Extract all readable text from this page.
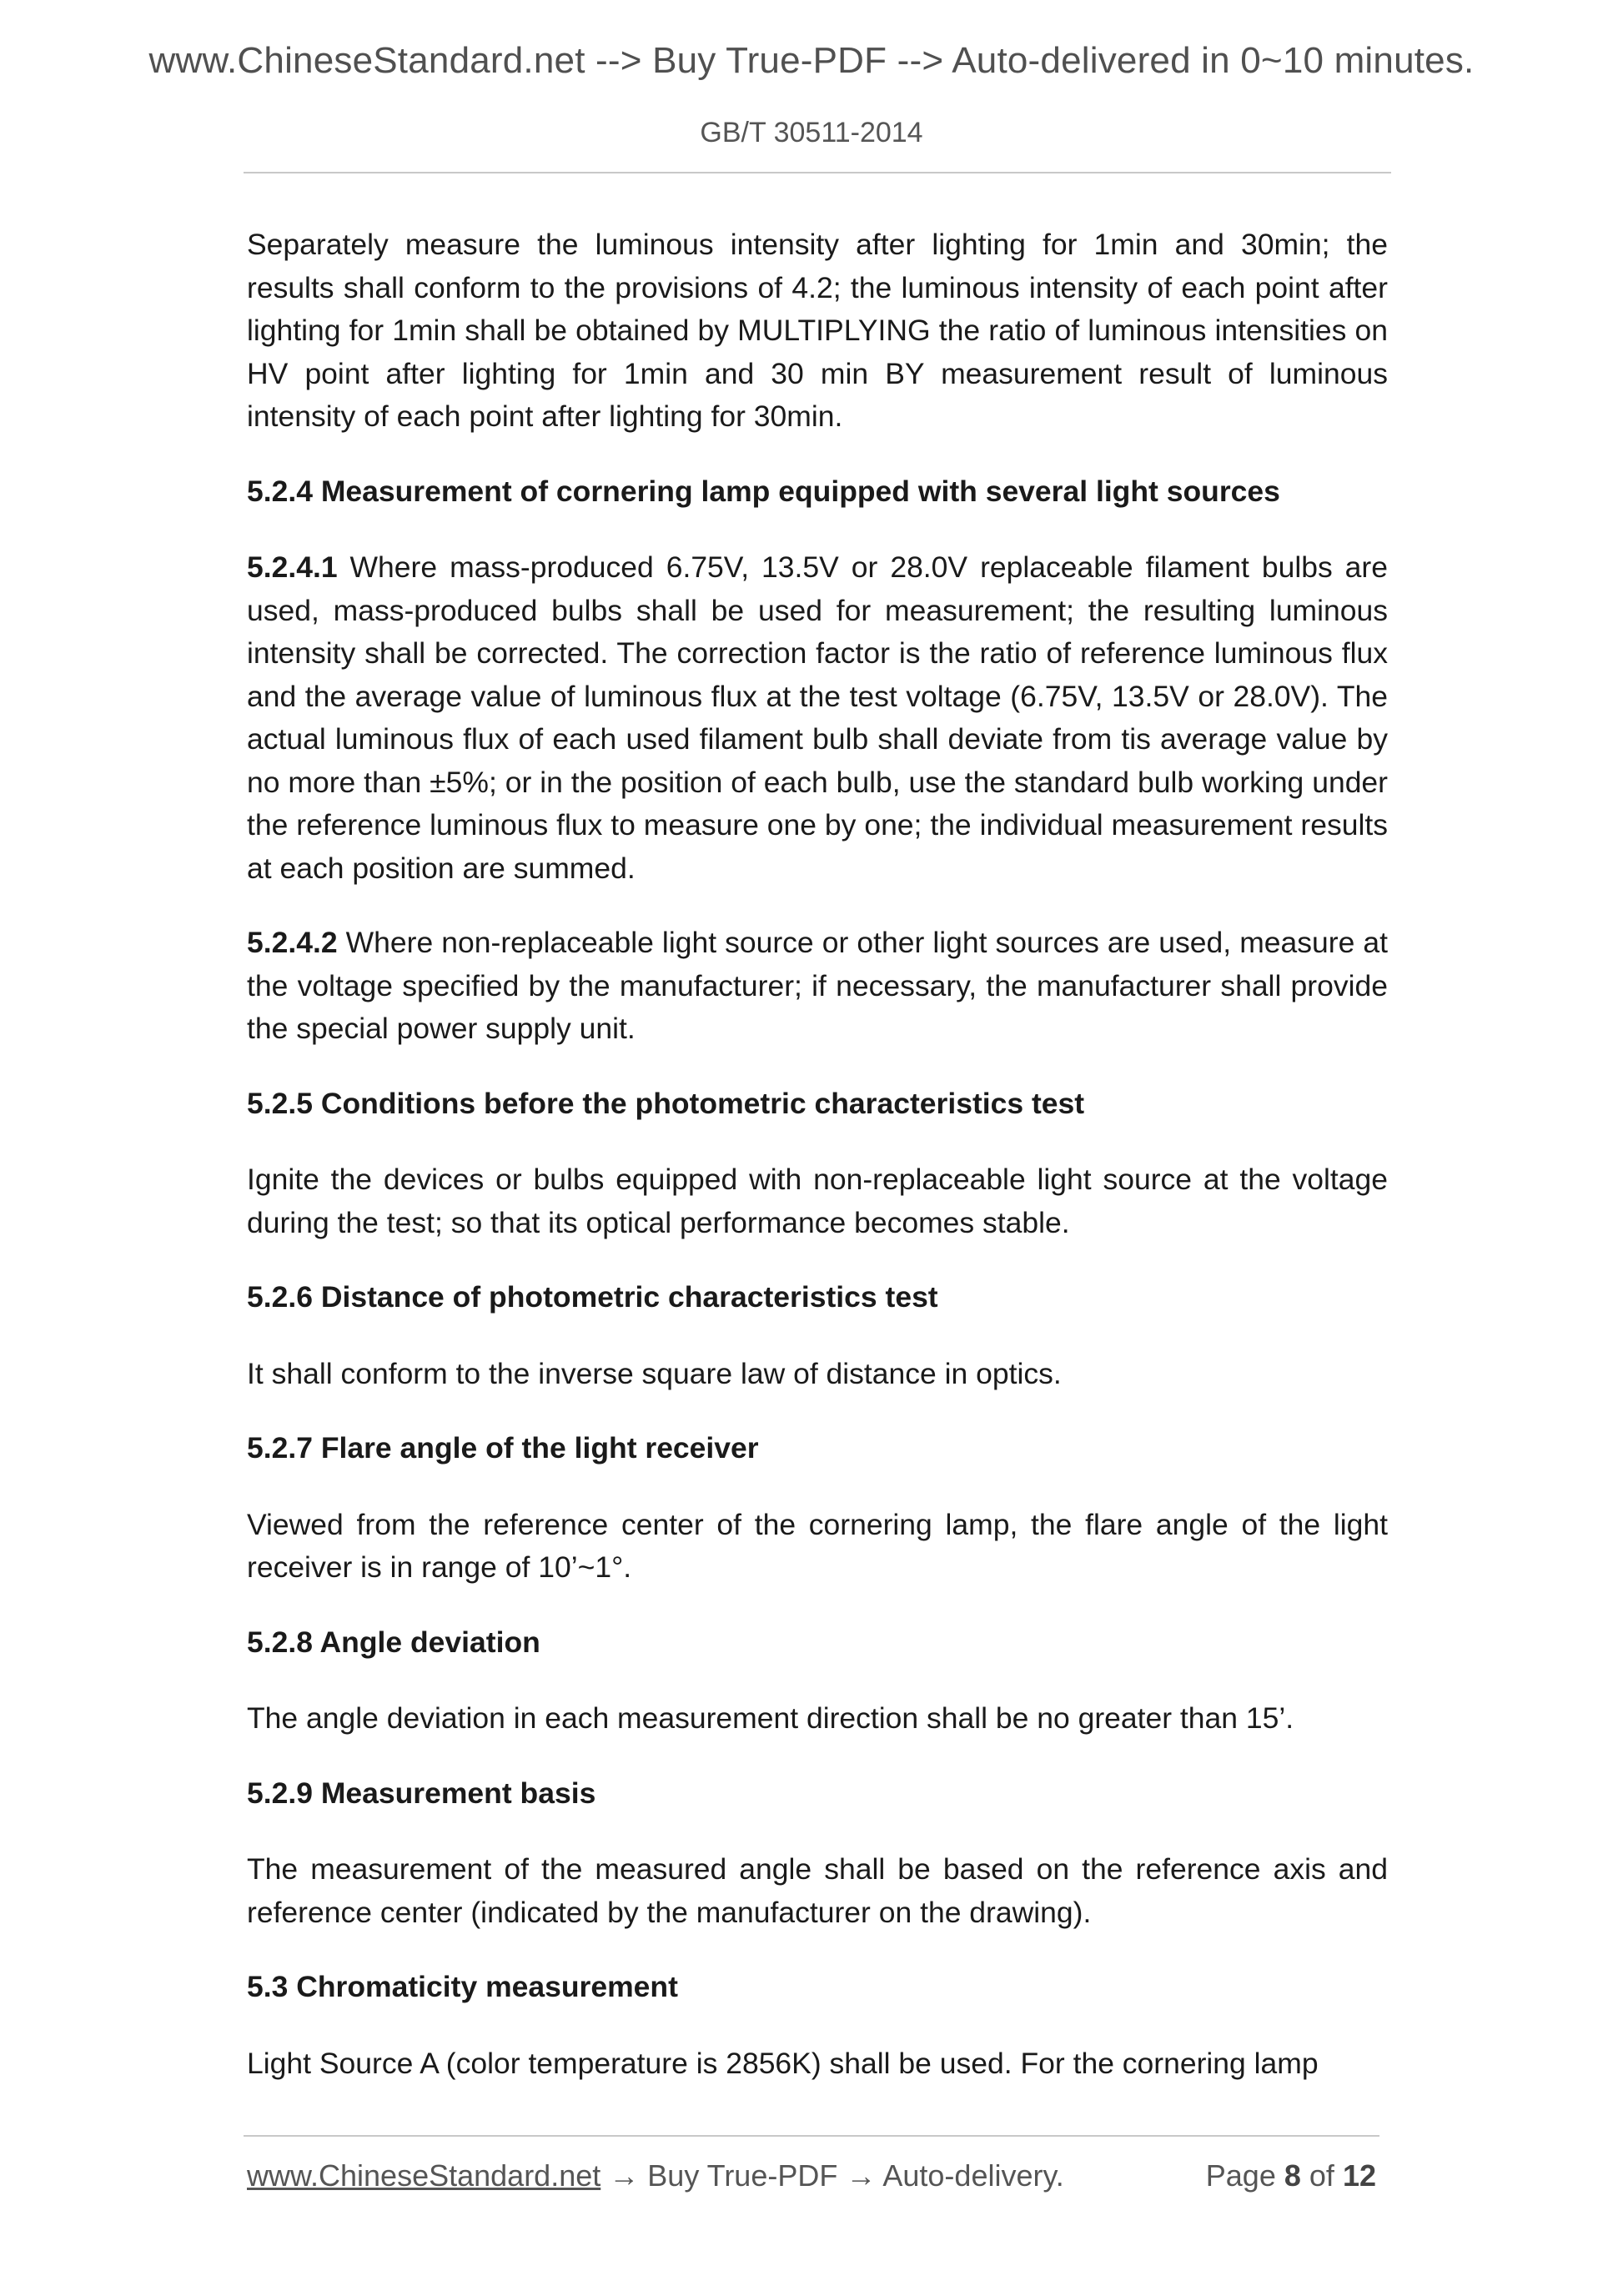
www.ChineseStandard.net --> Buy True-PDF --> Auto-delivered in 0~10 minutes.
GB/T 30511-2014

Separately measure the luminous intensity after lighting for 1min and 30min; the results shall conform to the provisions of 4.2; the luminous intensity of each point after lighting for 1min shall be obtained by MULTIPLYING the ratio of luminous intensities on HV point after lighting for 1min and 30 min BY measurement result of luminous intensity of each point after lighting for 30min.

5.2.4 Measurement of cornering lamp equipped with several light sources

5.2.4.1 Where mass-produced 6.75V, 13.5V or 28.0V replaceable filament bulbs are used, mass-produced bulbs shall be used for measurement; the resulting luminous intensity shall be corrected. The correction factor is the ratio of reference luminous flux and the average value of luminous flux at the test voltage (6.75V, 13.5V or 28.0V). The actual luminous flux of each used filament bulb shall deviate from tis average value by no more than ±5%; or in the position of each bulb, use the standard bulb working under the reference luminous flux to measure one by one; the individual measurement results at each position are summed.

5.2.4.2 Where non-replaceable light source or other light sources are used, measure at the voltage specified by the manufacturer; if necessary, the manufacturer shall provide the special power supply unit.

5.2.5 Conditions before the photometric characteristics test

Ignite the devices or bulbs equipped with non-replaceable light source at the voltage during the test; so that its optical performance becomes stable.

5.2.6 Distance of photometric characteristics test

It shall conform to the inverse square law of distance in optics.

5.2.7 Flare angle of the light receiver

Viewed from the reference center of the cornering lamp, the flare angle of the light receiver is in range of 10’~1°.

5.2.8 Angle deviation

The angle deviation in each measurement direction shall be no greater than 15’.

5.2.9 Measurement basis

The measurement of the measured angle shall be based on the reference axis and reference center (indicated by the manufacturer on the drawing).

5.3 Chromaticity measurement

Light Source A (color temperature is 2856K) shall be used. For the cornering lamp

www.ChineseStandard.net → Buy True-PDF → Auto-delivery.	Page 8 of 12
